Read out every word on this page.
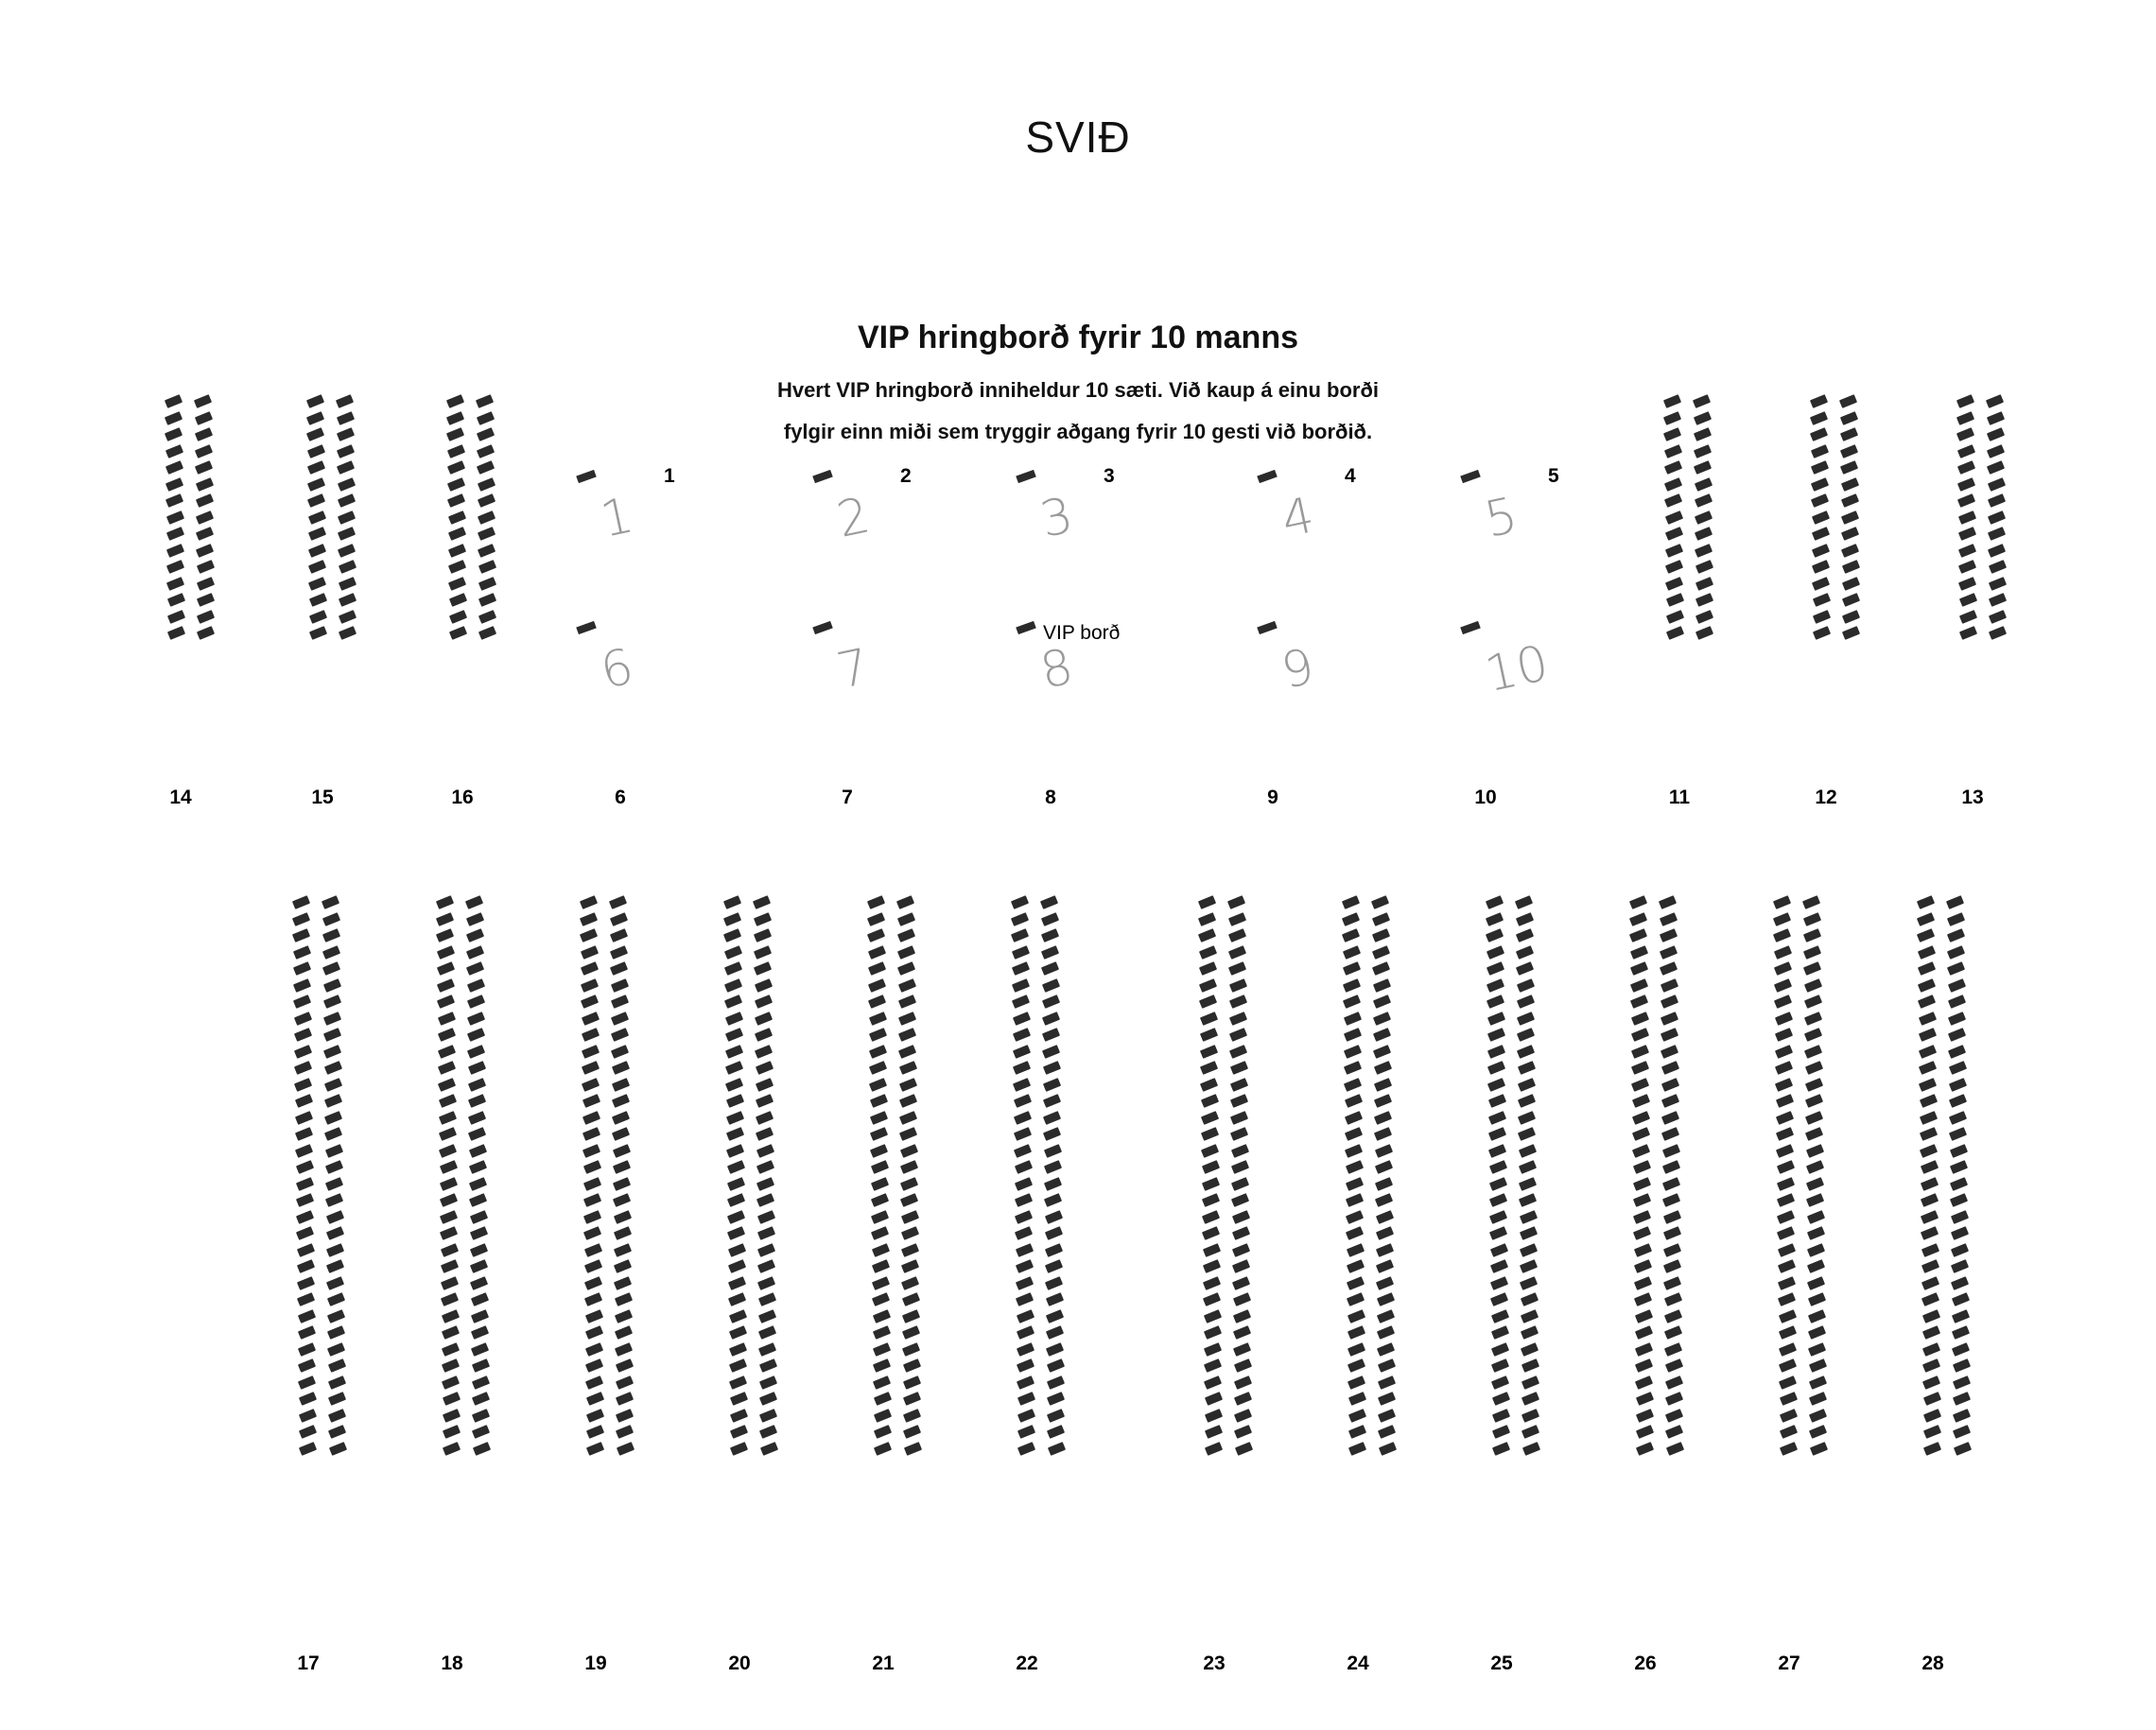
SVIÐ
VIP hringborð fyrir 10 manns
Hvert VIP hringborð inniheldur 10 sæti. Við kaup á einu borði
fylgir einn miði sem tryggir aðgang fyrir 10 gesti við borðið.
14	15	16	6	7	8	9	10	11	12	13
1
1
2
2
3
3
4
4
5
5
6	7	8
VIP borð
9	10
17	18	19	20	21	22	23	24	25	26	27	28
